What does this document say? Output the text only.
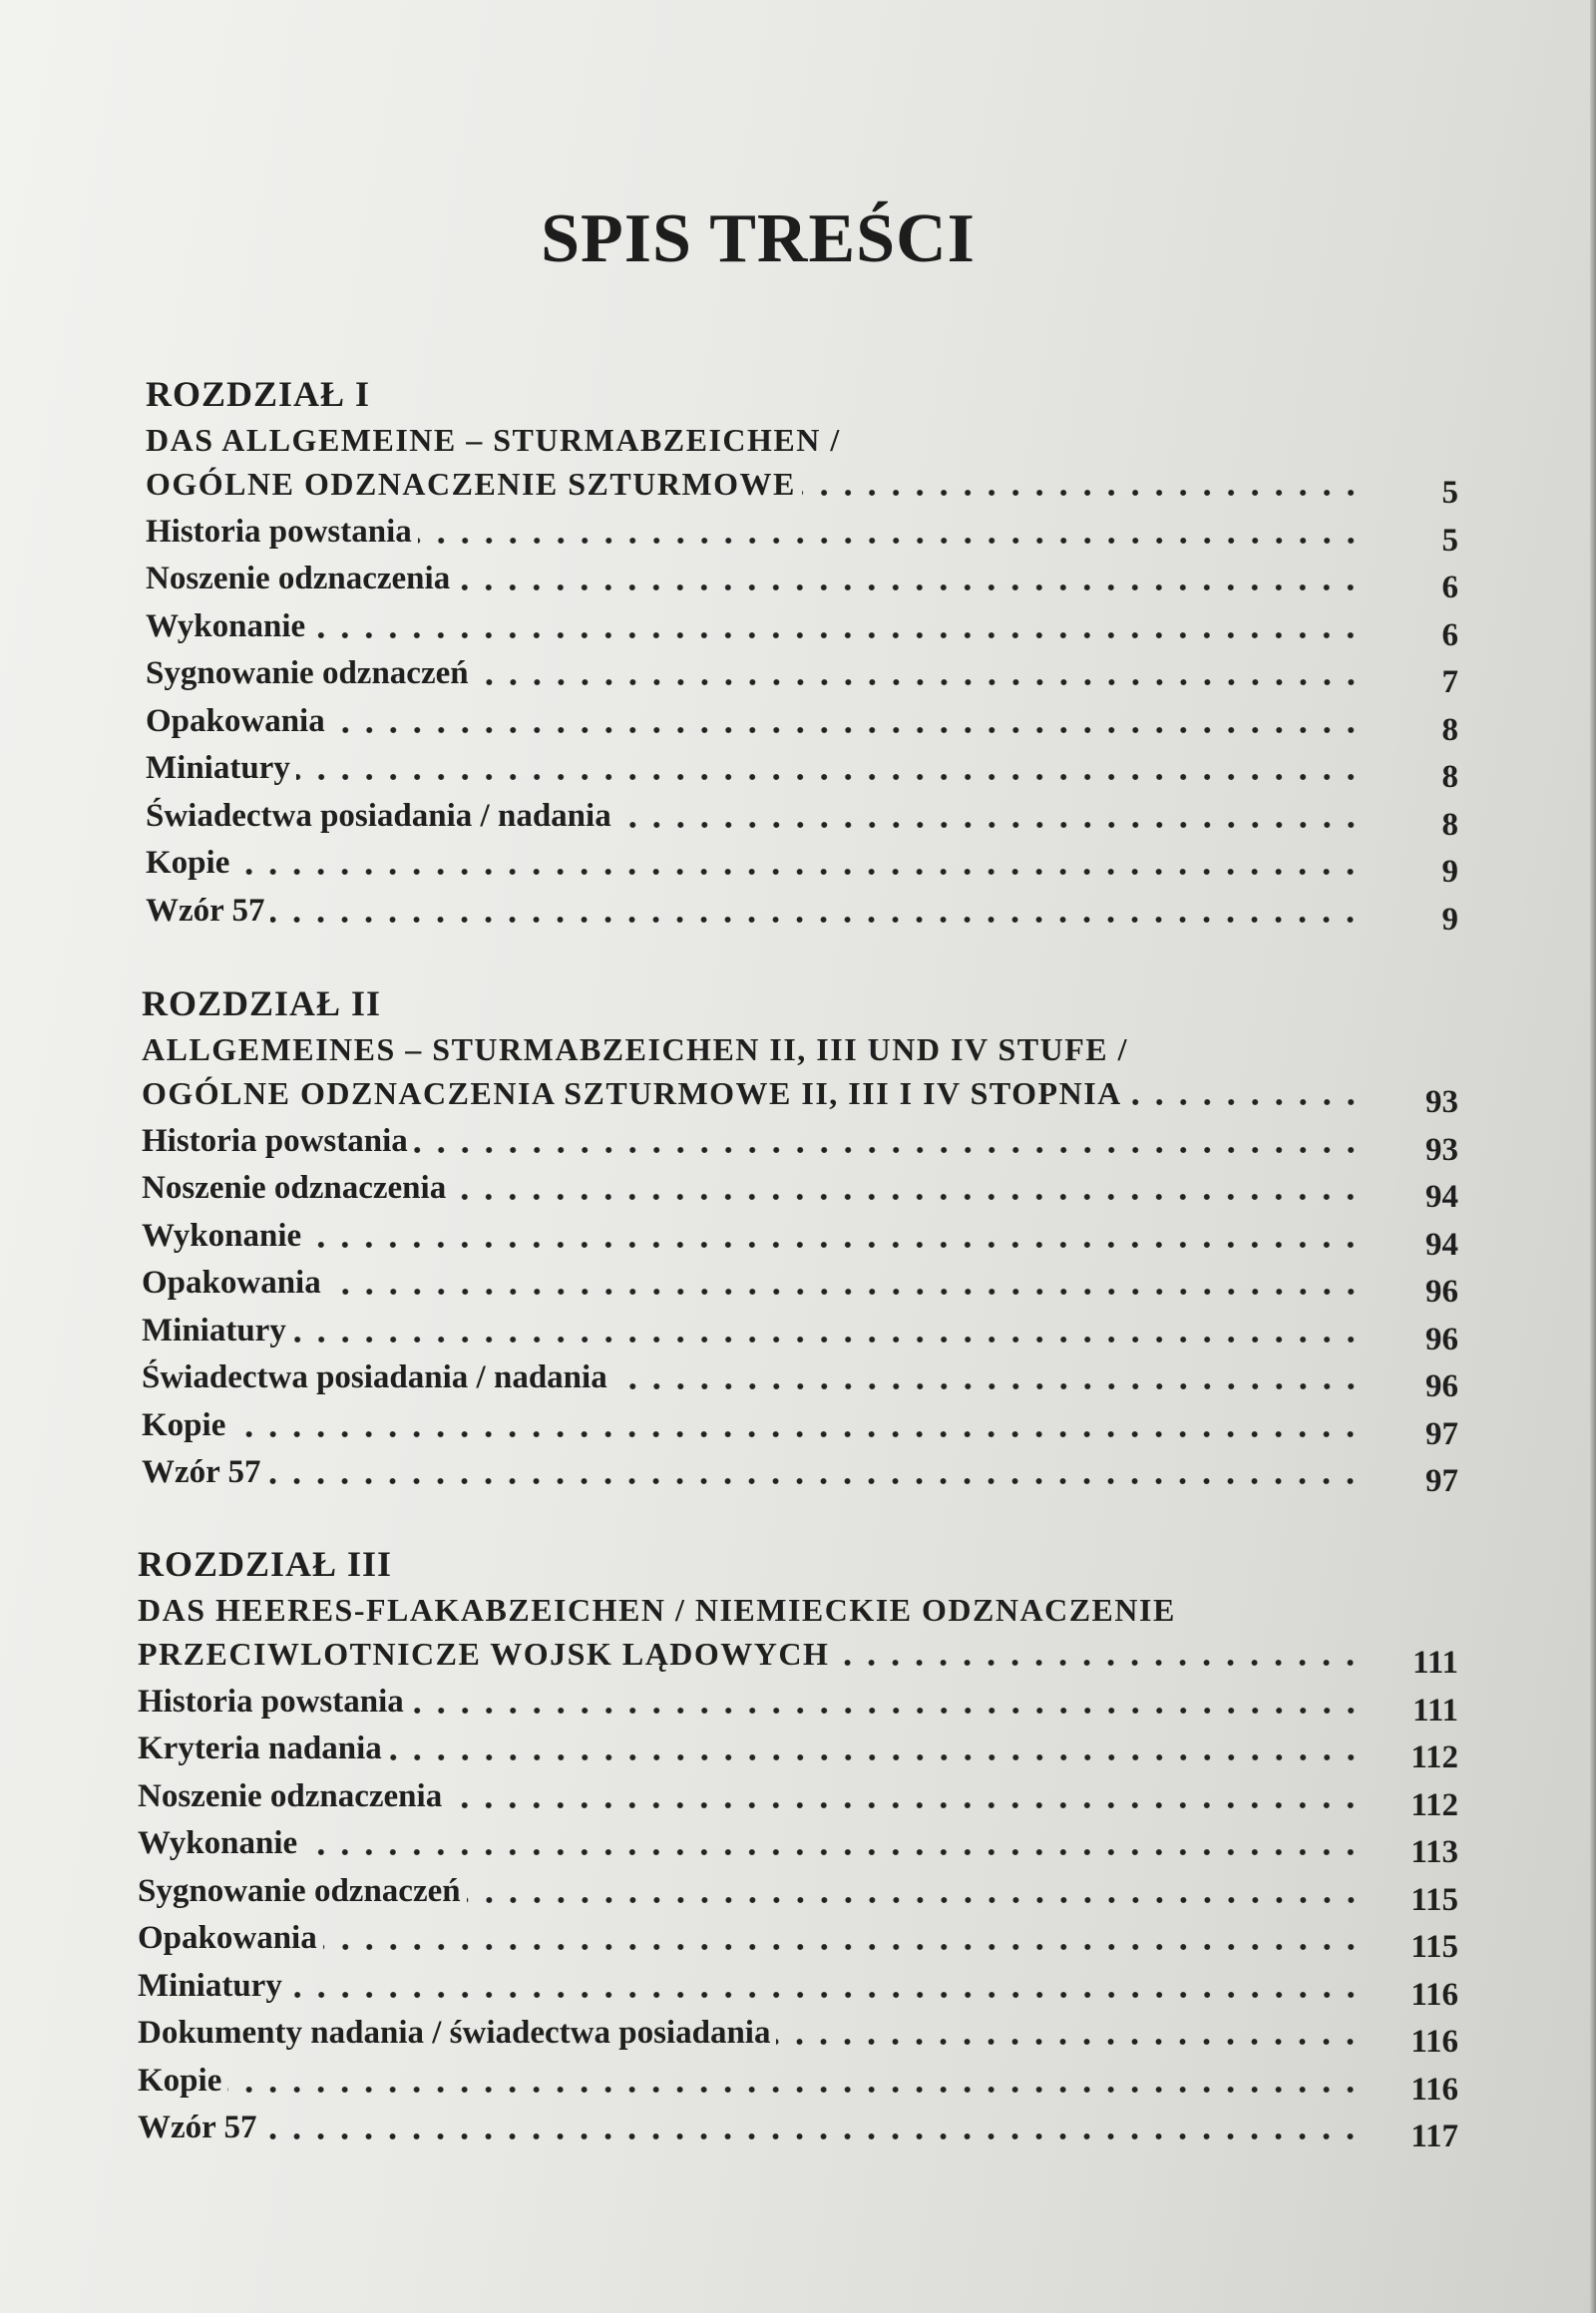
SPIS TREŚCI
ROZDZIAŁ I
DAS ALLGEMEINE – STURMABZEICHEN /
OGÓLNE ODZNACZENIE SZTURMOWE	5
Historia powstania	5
Noszenie odznaczenia	6
Wykonanie	6
Sygnowanie odznaczeń	7
Opakowania	8
Miniatury	8
Świadectwa posiadania / nadania	8
Kopie	9
Wzór 57	9
ROZDZIAŁ II
ALLGEMEINES – STURMABZEICHEN II, III UND IV STUFE /
OGÓLNE ODZNACZENIA SZTURMOWE II, III I IV STOPNIA	93
Historia powstania	93
Noszenie odznaczenia	94
Wykonanie	94
Opakowania	96
Miniatury	96
Świadectwa posiadania / nadania	96
Kopie	97
Wzór 57	97
ROZDZIAŁ III
DAS HEERES-FLAKABZEICHEN / NIEMIECKIE ODZNACZENIE
PRZECIWLOTNICZE WOJSK LĄDOWYCH	111
Historia powstania	111
Kryteria nadania	112
Noszenie odznaczenia	112
Wykonanie	113
Sygnowanie odznaczeń	115
Opakowania	115
Miniatury	116
Dokumenty nadania / świadectwa posiadania	116
Kopie	116
Wzór 57	117
